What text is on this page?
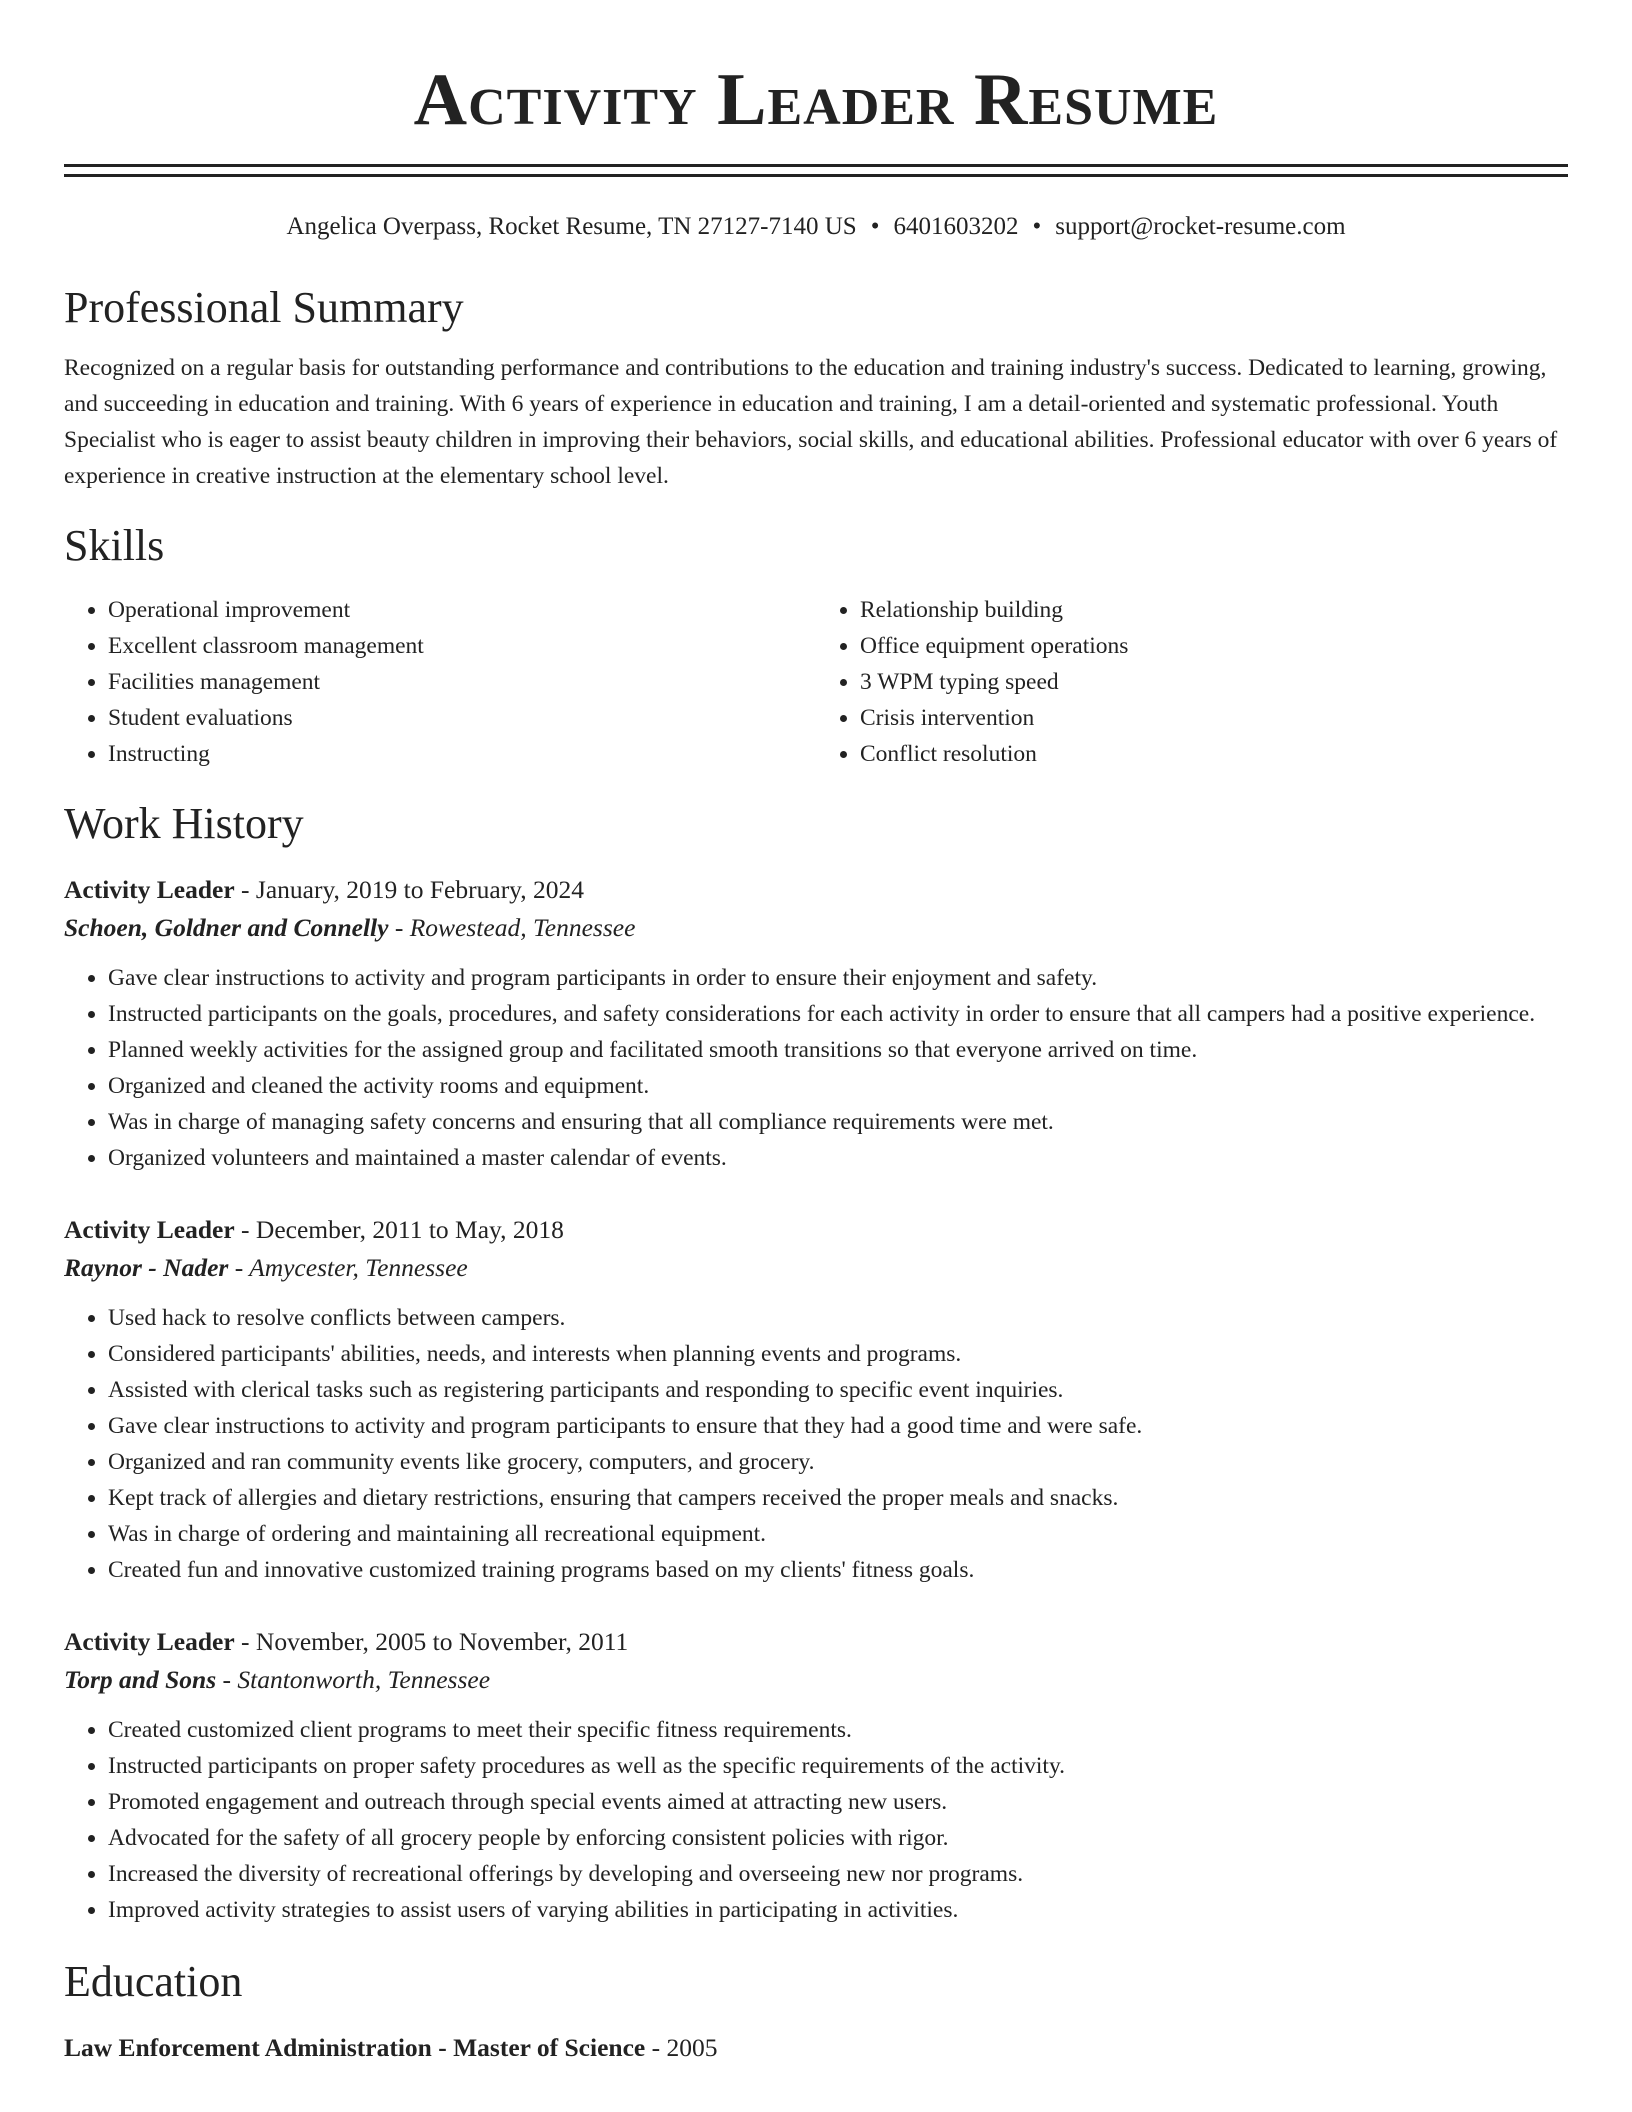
Activity Leader Resume
Angelica Overpass, Rocket Resume, TN 27127-7140 US • 6401603202 • support@rocket-resume.com
Professional Summary

Recognized on a regular basis for outstanding performance and contributions to the education and training industry's success. Dedicated to learning, growing, and succeeding in education and training. With 6 years of experience in education and training, I am a detail-oriented and systematic professional. Youth Specialist who is eager to assist beauty children in improving their behaviors, social skills, and educational abilities. Professional educator with over 6 years of experience in creative instruction at the elementary school level.

Skills
• Operational improvement
• Excellent classroom management
• Facilities management
• Student evaluations
• Instructing
• Relationship building
• Office equipment operations
• 3 WPM typing speed
• Crisis intervention
• Conflict resolution
Work History
Activity Leader - January, 2019 to February, 2024
Schoen, Goldner and Connelly - Rowestead, Tennessee
• Gave clear instructions to activity and program participants in order to ensure their enjoyment and safety.
• Instructed participants on the goals, procedures, and safety considerations for each activity in order to ensure that all campers had a positive experience.
• Planned weekly activities for the assigned group and facilitated smooth transitions so that everyone arrived on time.
• Organized and cleaned the activity rooms and equipment.
• Was in charge of managing safety concerns and ensuring that all compliance requirements were met.
• Organized volunteers and maintained a master calendar of events.
Activity Leader - December, 2011 to May, 2018
Raynor - Nader - Amycester, Tennessee
• Used hack to resolve conflicts between campers.
• Considered participants' abilities, needs, and interests when planning events and programs.
• Assisted with clerical tasks such as registering participants and responding to specific event inquiries.
• Gave clear instructions to activity and program participants to ensure that they had a good time and were safe.
• Organized and ran community events like grocery, computers, and grocery.
• Kept track of allergies and dietary restrictions, ensuring that campers received the proper meals and snacks.
• Was in charge of ordering and maintaining all recreational equipment.
• Created fun and innovative customized training programs based on my clients' fitness goals.
Activity Leader - November, 2005 to November, 2011
Torp and Sons - Stantonworth, Tennessee
• Created customized client programs to meet their specific fitness requirements.
• Instructed participants on proper safety procedures as well as the specific requirements of the activity.
• Promoted engagement and outreach through special events aimed at attracting new users.
• Advocated for the safety of all grocery people by enforcing consistent policies with rigor.
• Increased the diversity of recreational offerings by developing and overseeing new nor programs.
• Improved activity strategies to assist users of varying abilities in participating in activities.
Education
Law Enforcement Administration - Master of Science - 2005
